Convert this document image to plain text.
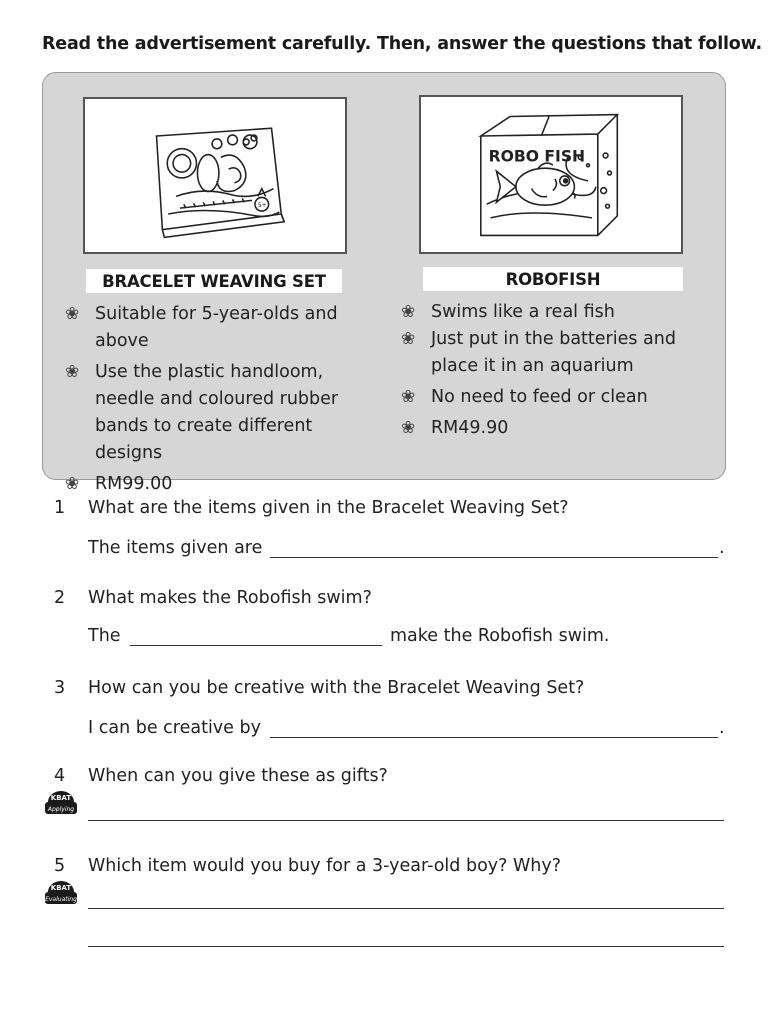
Read the advertisement carefully. Then, answer the questions that follow.
5+
ROBO FISH
BRACELET WEAVING SET
❀ Suitable for 5-year-olds and above
❀ Use the plastic handloom, needle and coloured rubber bands to create different designs
❀ RM99.00
ROBOFISH
❀ Swims like a real fish
❀ Just put in the batteries and place it in an aquarium
❀ No need to feed or clean
❀ RM49.90
1 What are the items given in the Bracelet Weaving Set?
The items given are	.
2 What makes the Robofish swim?
The	make the Robofish swim.
3 How can you be creative with the Bracelet Weaving Set?
I can be creative by	.
4 When can you give these as gifts?
KBAT
Applying
5 Which item would you buy for a 3-year-old boy? Why?
KBAT
Evaluating
